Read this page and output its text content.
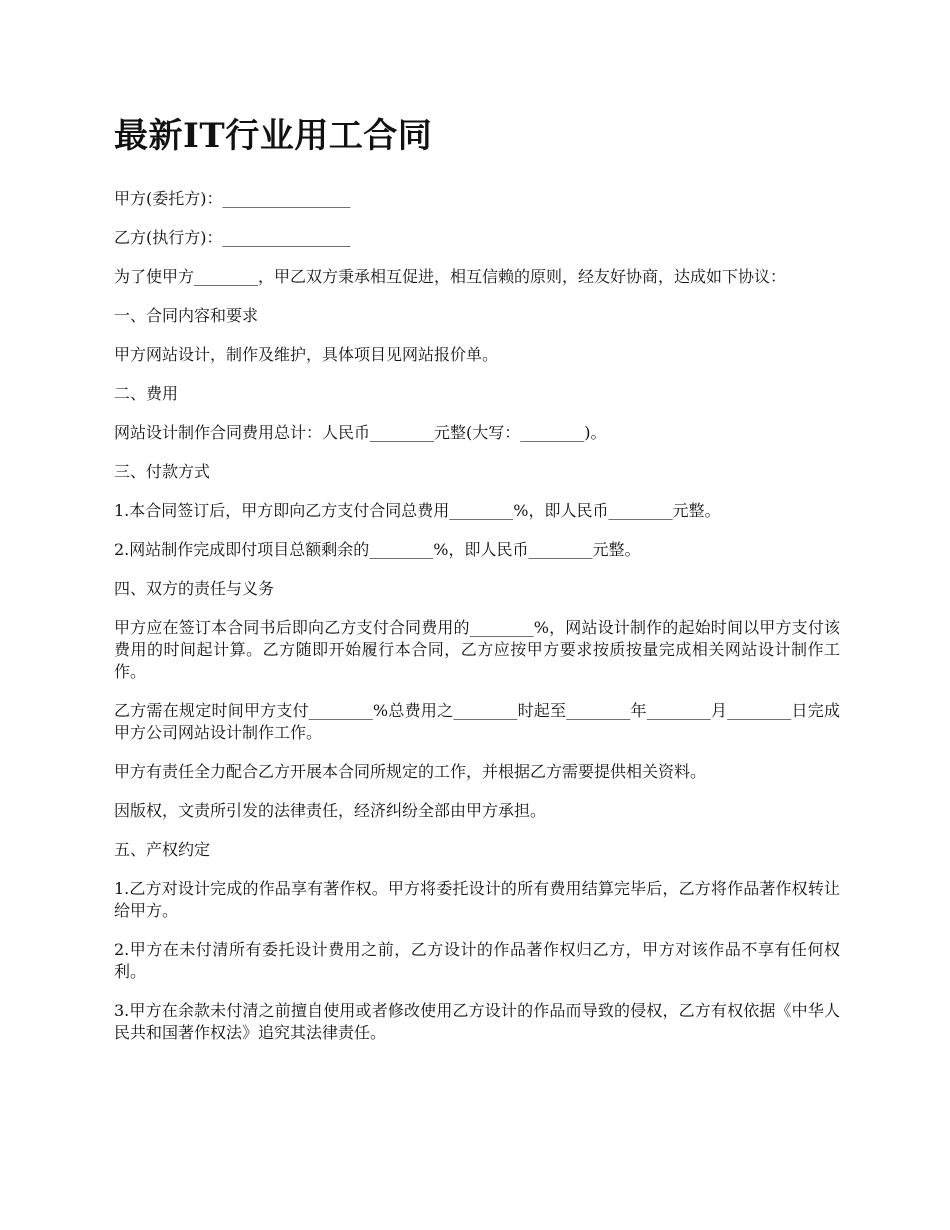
最新IT行业用工合同

甲方(委托方)：________________

乙方(执行方)：________________

为了使甲方________，甲乙双方秉承相互促进，相互信赖的原则，经友好协商，达成如下协议：

一、合同内容和要求

甲方网站设计，制作及维护，具体项目见网站报价单。

二、费用

网站设计制作合同费用总计：人民币________元整(大写：________)。

三、付款方式

1.本合同签订后，甲方即向乙方支付合同总费用________%，即人民币________元整。

2.网站制作完成即付项目总额剩余的________%，即人民币________元整。

四、双方的责任与义务

甲方应在签订本合同书后即向乙方支付合同费用的________%，网站设计制作的起始时间以甲方支付该费用的时间起计算。乙方随即开始履行本合同，乙方应按甲方要求按质按量完成相关网站设计制作工作。

乙方需在规定时间甲方支付________%总费用之________时起至________年________月________日完成甲方公司网站设计制作工作。

甲方有责任全力配合乙方开展本合同所规定的工作，并根据乙方需要提供相关资料。

因版权，文责所引发的法律责任，经济纠纷全部由甲方承担。

五、产权约定

1.乙方对设计完成的作品享有著作权。甲方将委托设计的所有费用结算完毕后，乙方将作品著作权转让给甲方。

2.甲方在未付清所有委托设计费用之前，乙方设计的作品著作权归乙方，甲方对该作品不享有任何权利。

3.甲方在余款未付清之前擅自使用或者修改使用乙方设计的作品而导致的侵权，乙方有权依据《中华人民共和国著作权法》追究其法律责任。
